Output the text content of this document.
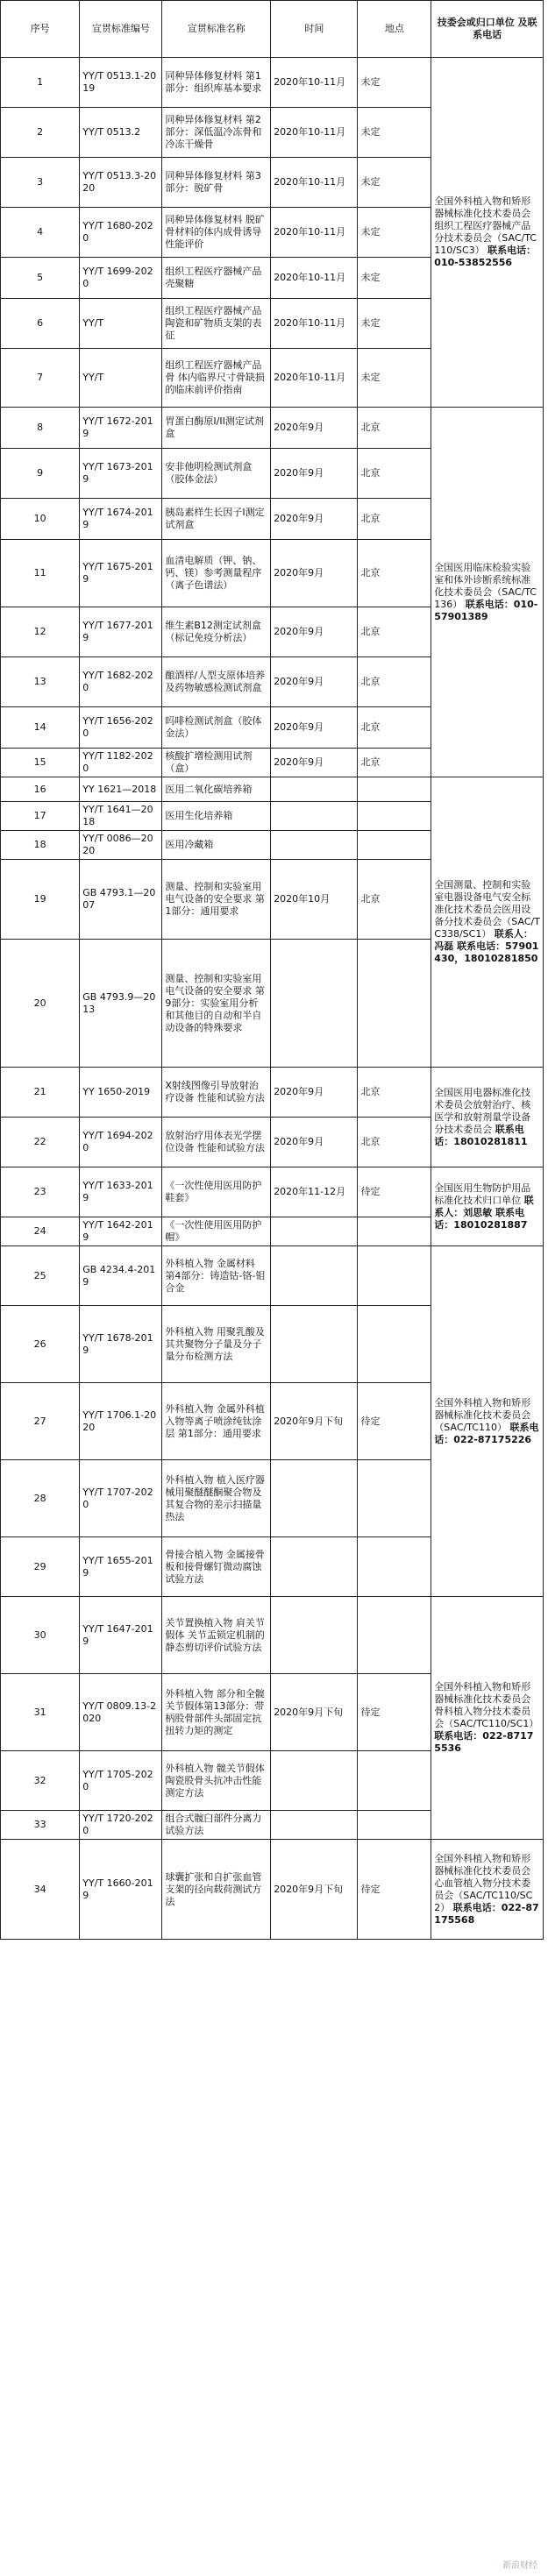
序号	宣贯标准编号	宣贯标准名称	时间	地点	技委会或归口单位 及联系电话
1	YY/T 0513.1-2019	同种异体修复材料 第1部分：组织库基本要求	2020年10-11月	未定	全国外科植入物和矫形器械标准化技术委员会组织工程医疗器械产品分技术委员会（SAC/TC110/SC3） 联系电话：010-53852556
2	YY/T 0513.2	同种异体修复材料 第2部分：深低温冷冻骨和冷冻干燥骨	2020年10-11月	未定	
3	YY/T 0513.3-2020	同种异体修复材料 第3部分：脱矿骨	2020年10-11月	未定	
4	YY/T 1680-2020	同种异体修复材料 脱矿骨材料的体内成骨诱导性能评价	2020年10-11月	未定	
5	YY/T 1699-2020	组织工程医疗器械产品 壳聚糖	2020年10-11月	未定	
6	YY/T	组织工程医疗器械产品 陶瓷和矿物质支架的表征	2020年10-11月	未定	
7	YY/T	组织工程医疗器械产品 骨 体内临界尺寸骨缺损的临床前评价指南	2020年10-11月	未定	
8	YY/T 1672-2019	胃蛋白酶原I/II测定试剂盒	2020年9月	北京	全国医用临床检验实验室和体外诊断系统标准化技术委员会（SAC/TC136） 联系电话：010-57901389
9	YY/T 1673-2019	安非他明检测试剂盒（胶体金法）	2020年9月	北京	
10	YY/T 1674-2019	胰岛素样生长因子I测定试剂盒	2020年9月	北京	
11	YY/T 1675-2019	血清电解质（钾、钠、钙、镁）参考测量程序（离子色谱法）	2020年9月	北京	
12	YY/T 1677-2019	维生素B12测定试剂盒（标记免疫分析法）	2020年9月	北京	
13	YY/T 1682-2020	酿酒样/人型支原体培养及药物敏感检测试剂盒	2020年9月	北京	
14	YY/T 1656-2020	吗啡检测试剂盒（胶体金法）	2020年9月	北京	
15	YY/T 1182-2020	核酸扩增检测用试剂（盒）	2020年9月	北京	
16	YY 1621—2018	医用二氧化碳培养箱			全国测量、控制和实验室电器设备电气安全标准化技术委员会医用设备分技术委员会（SAC/TC338/SC1） 联系人：冯磊 联系电话：57901430，18010281850
17	YY/T 1641—2018	医用生化培养箱			
18	YY/T 0086—2020	医用冷藏箱			
19	GB 4793.1—2007	测量、控制和实验室用电气设备的安全要求 第1部分：通用要求	2020年10月	北京	
20	GB 4793.9—2013	测量、控制和实验室用电气设备的安全要求 第9部分：实验室用分析和其他目的自动和半自动设备的特殊要求			
21	YY 1650-2019	X射线图像引导放射治疗设备 性能和试验方法	2020年9月	北京	全国医用电器标准化技术委员会放射治疗、核医学和放射剂量学设备分技术委员会 联系电话：18010281811
22	YY/T 1694-2020	放射治疗用体表光学摆位设备 性能和试验方法	2020年9月	北京	
23	YY/T 1633-2019	《一次性使用医用防护鞋套》	2020年11-12月	待定	全国医用生物防护用品标准化技术归口单位 联系人：刘思敏 联系电话：18010281887
24	YY/T 1642-2019	《一次性使用医用防护帽》			
25	GB 4234.4-2019	外科植入物 金属材料 第4部分：铸造钴-铬-钼合金			全国外科植入物和矫形器械标准化技术委员会（SAC/TC110） 联系电话：022-87175226
26	YY/T 1678-2019	外科植入物 用聚乳酸及其共聚物分子量及分子量分布检测方法			
27	YY/T 1706.1-2020	外科植入物 金属外科植入物等离子喷涂纯钛涂层 第1部分：通用要求	2020年9月下旬	待定	
28	YY/T 1707-2020	外科植入物 植入医疗器械用聚醚醚酮聚合物及其复合物的差示扫描量热法			
29	YY/T 1655-2019	骨接合植入物 金属接骨板和接骨螺钉微动腐蚀试验方法			
30	YY/T 1647-2019	关节置换植入物 肩关节假体 关节盂锁定机制的静态剪切评价试验方法			全国外科植入物和矫形器械标准化技术委员会骨科植入物分技术委员会（SAC/TC110/SC1） 联系电话：022-87175536
31	YY/T 0809.13-2020	外科植入物 部分和全髋关节假体第13部分：带柄股骨部件头部固定抗扭转力矩的测定	2020年9月下旬	待定	
32	YY/T 1705-2020	外科植入物 髋关节假体陶瓷股骨头抗冲击性能测定方法			
33	YY/T 1720-2020	组合式髋臼部件分离力试验方法			
34	YY/T 1660-2019	球囊扩张和自扩张血管支架的径向载荷测试方法	2020年9月下旬	待定	全国外科植入物和矫形器械标准化技术委员会心血管植入物分技术委员会（SAC/TC110/SC2） 联系电话：022-87175568
新浪财经
